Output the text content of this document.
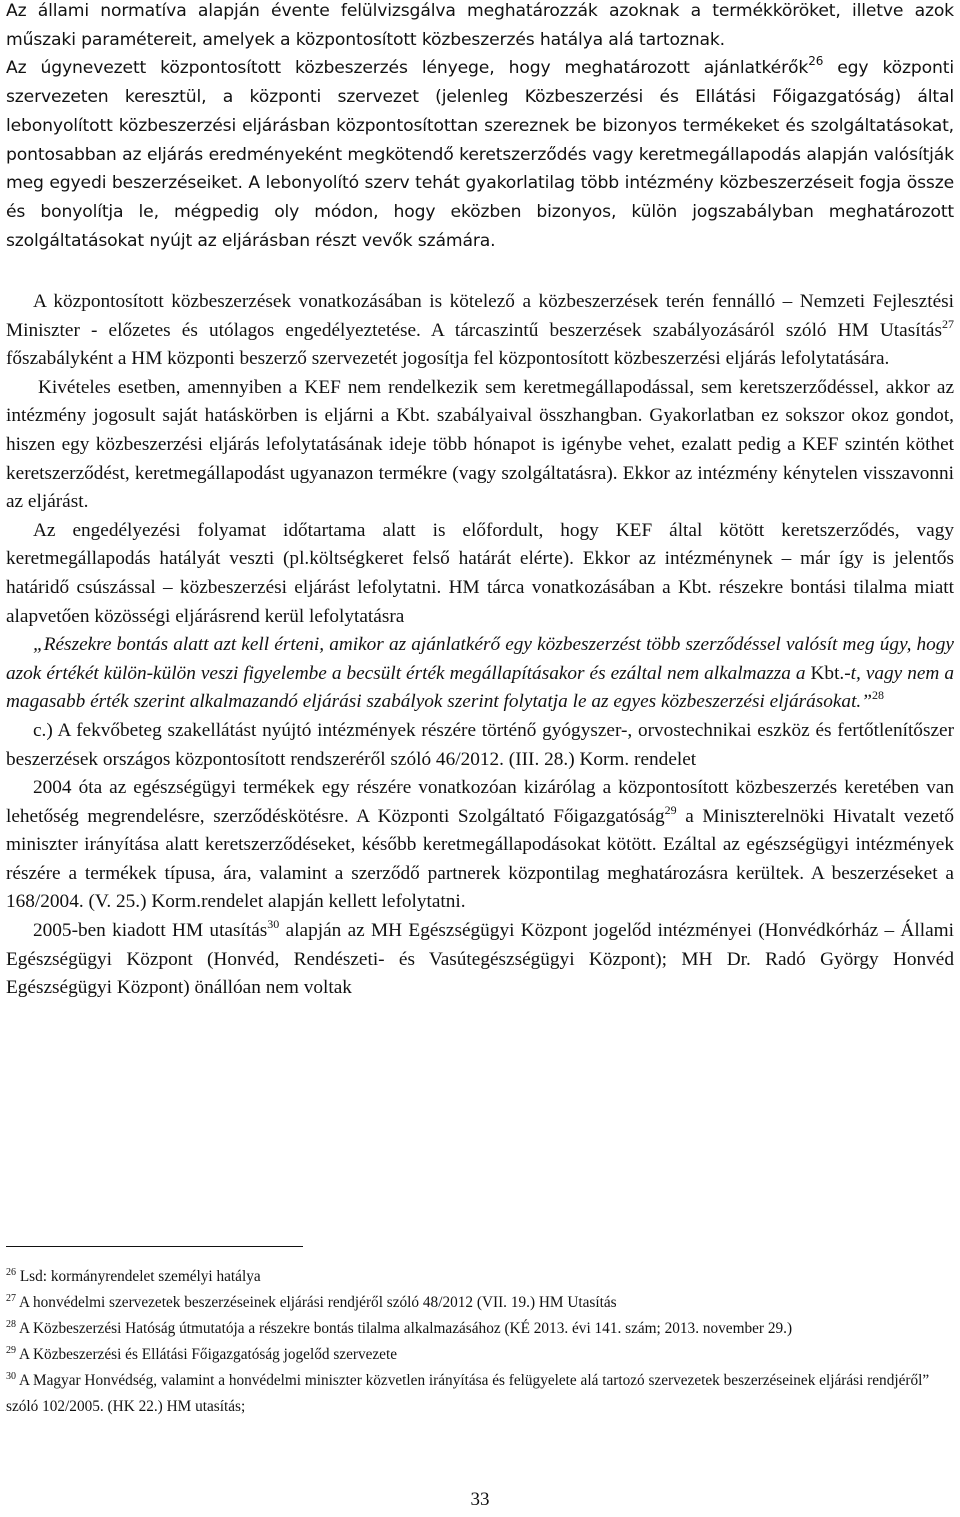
Az állami normatíva alapján évente felülvizsgálva meghatározzák azoknak a termékköröket, illetve azok műszaki paramétereit, amelyek a központosított közbeszerzés hatálya alá tartoznak.

Az úgynevezett központosított közbeszerzés lényege, hogy meghatározott ajánlatkérők$^{26}$ egy központi szervezeten keresztül, a központi szervezet (jelenleg Közbeszerzési és Ellátási Főigazgatóság) által lebonyolított közbeszerzési eljárásban központosítottan szereznek be bizonyos termékeket és szolgáltatásokat, pontosabban az eljárás eredményeként megkötendő keretszerződés vagy keretmegállapodás alapján valósítják meg egyedi beszerzéseiket. A lebonyolító szerv tehát gyakorlatilag több intézmény közbeszerzéseit fogja össze és bonyolítja le, mégpedig oly módon, hogy eközben bizonyos, külön jogszabályban meghatározott szolgáltatásokat nyújt az eljárásban részt vevők számára.

A központosított közbeszerzések vonatkozásában is kötelező a közbeszerzések terén fennálló – Nemzeti Fejlesztési Miniszter - előzetes és utólagos engedélyeztetése. A tárcaszintű beszerzések szabályozásáról szóló HM Utasítás$^{27}$ főszabályként a HM központi beszerző szervezetét jogosítja fel központosított közbeszerzési eljárás lefolytatására.

Kivételes esetben, amennyiben a KEF nem rendelkezik sem keretmegállapodással, sem keretszerződéssel, akkor az intézmény jogosult saját hatáskörben is eljárni a Kbt. szabályaival összhangban. Gyakorlatban ez sokszor okoz gondot, hiszen egy közbeszerzési eljárás lefolytatásának ideje több hónapot is igénybe vehet, ezalatt pedig a KEF szintén köthet keretszerződést, keretmegállapodást ugyanazon termékre (vagy szolgáltatásra). Ekkor az intézmény kénytelen visszavonni az eljárást.

Az engedélyezési folyamat időtartama alatt is előfordult, hogy KEF által kötött keretszerződés, vagy keretmegállapodás hatályát veszti (pl.költségkeret felső határát elérte). Ekkor az intézménynek – már így is jelentős határidő csúszással – közbeszerzési eljárást lefolytatni. HM tárca vonatkozásában a Kbt. részekre bontási tilalma miatt alapvetően közösségi eljárásrend kerül lefolytatásra

„Részekre bontás alatt azt kell érteni, amikor az ajánlatkérő egy közbeszerzést több szerződéssel valósít meg úgy, hogy azok értékét külön-külön veszi figyelembe a becsült érték megállapításakor és ezáltal nem alkalmazza a Kbt.-t, vagy nem a magasabb érték szerint alkalmazandó eljárási szabályok szerint folytatja le az egyes közbeszerzési eljárásokat.”$^{28}$

c.) A fekvőbeteg szakellátást nyújtó intézmények részére történő gyógyszer-, orvostechnikai eszköz és fertőtlenítőszer beszerzések országos központosított rendszeréről szóló 46/2012. (III. 28.) Korm. rendelet

2004 óta az egészségügyi termékek egy részére vonatkozóan kizárólag a központosított közbeszerzés keretében van lehetőség megrendelésre, szerződéskötésre. A Központi Szolgáltató Főigazgatóság$^{29}$ a Miniszterelnöki Hivatalt vezető miniszter irányítása alatt keretszerződéseket, később keretmegállapodásokat kötött. Ezáltal az egészségügyi intézmények részére a termékek típusa, ára, valamint a szerződő partnerek központilag meghatározásra kerültek. A beszerzéseket a 168/2004. (V. 25.) Korm.rendelet alapján kellett lefolytatni.

2005-ben kiadott HM utasítás$^{30}$ alapján az MH Egészségügyi Központ jogelőd intézményei (Honvédkórház – Állami Egészségügyi Központ (Honvéd, Rendészeti- és Vasútegészségügyi Központ); MH Dr. Radó György Honvéd Egészségügyi Központ) önállóan nem voltak

$^{26}$ Lsd: kormányrendelet személyi hatálya

$^{27}$ A honvédelmi szervezetek beszerzéseinek eljárási rendjéről szóló 48/2012 (VII. 19.) HM Utasítás

$^{28}$ A Közbeszerzési Hatóság útmutatója a részekre bontás tilalma alkalmazásához (KÉ 2013. évi 141. szám; 2013. november 29.)

$^{29}$ A Közbeszerzési és Ellátási Főigazgatóság jogelőd szervezete

$^{30}$ A Magyar Honvédség, valamint a honvédelmi miniszter közvetlen irányítása és felügyelete alá tartozó szervezetek beszerzéseinek eljárási rendjéről” szóló 102/2005. (HK 22.) HM utasítás;

33
